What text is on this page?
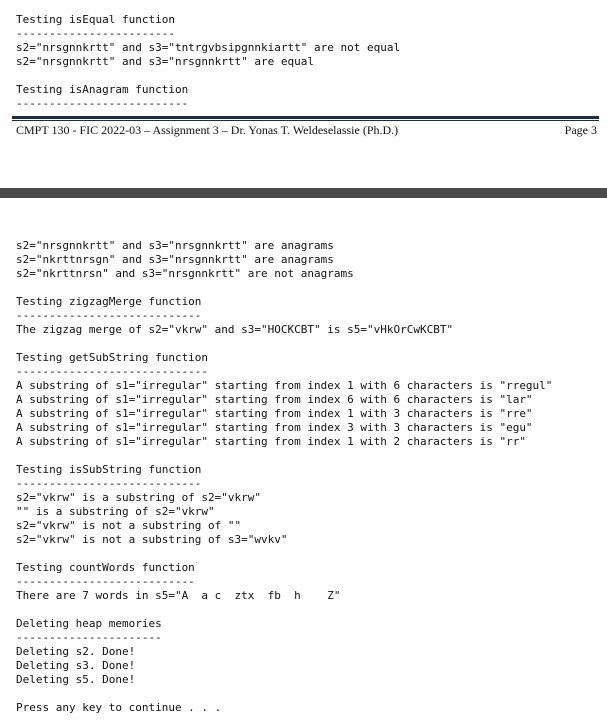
Testing isEqual function
------------------------
s2="nrsgnnkrtt" and s3="tntrgvbsipgnnkiartt" are not equal
s2="nrsgnnkrtt" and s3="nrsgnnkrtt" are equal
Testing isAnagram function
--------------------------
CMPT 130 - FIC 2022-03 – Assignment 3 – Dr. Yonas T. Weldeselassie (Ph.D.)	Page 3
s2="nrsgnnkrtt" and s3="nrsgnnkrtt" are anagrams
s2="nkrttnrsgn" and s3="nrsgnnkrtt" are anagrams
s2="nkrttnrsn" and s3="nrsgnnkrtt" are not anagrams
Testing zigzagMerge function
----------------------------
The zigzag merge of s2="vkrw" and s3="HOCKCBT" is s5="vHkOrCwKCBT"
Testing getSubString function
-----------------------------
A substring of s1="irregular" starting from index 1 with 6 characters is "rregul"
A substring of s1="irregular" starting from index 6 with 6 characters is "lar"
A substring of s1="irregular" starting from index 1 with 3 characters is "rre"
A substring of s1="irregular" starting from index 3 with 3 characters is "egu"
A substring of s1="irregular" starting from index 1 with 2 characters is "rr"
Testing isSubString function
----------------------------
s2="vkrw" is a substring of s2="vkrw"
"" is a substring of s2="vkrw"
s2="vkrw" is not a substring of ""
s2="vkrw" is not a substring of s3="wvkv"
Testing countWords function
---------------------------
There are 7 words in s5="A  a c  ztx  fb  h    Z"
Deleting heap memories
----------------------
Deleting s2. Done!
Deleting s3. Done!
Deleting s5. Done!
Press any key to continue . . .
